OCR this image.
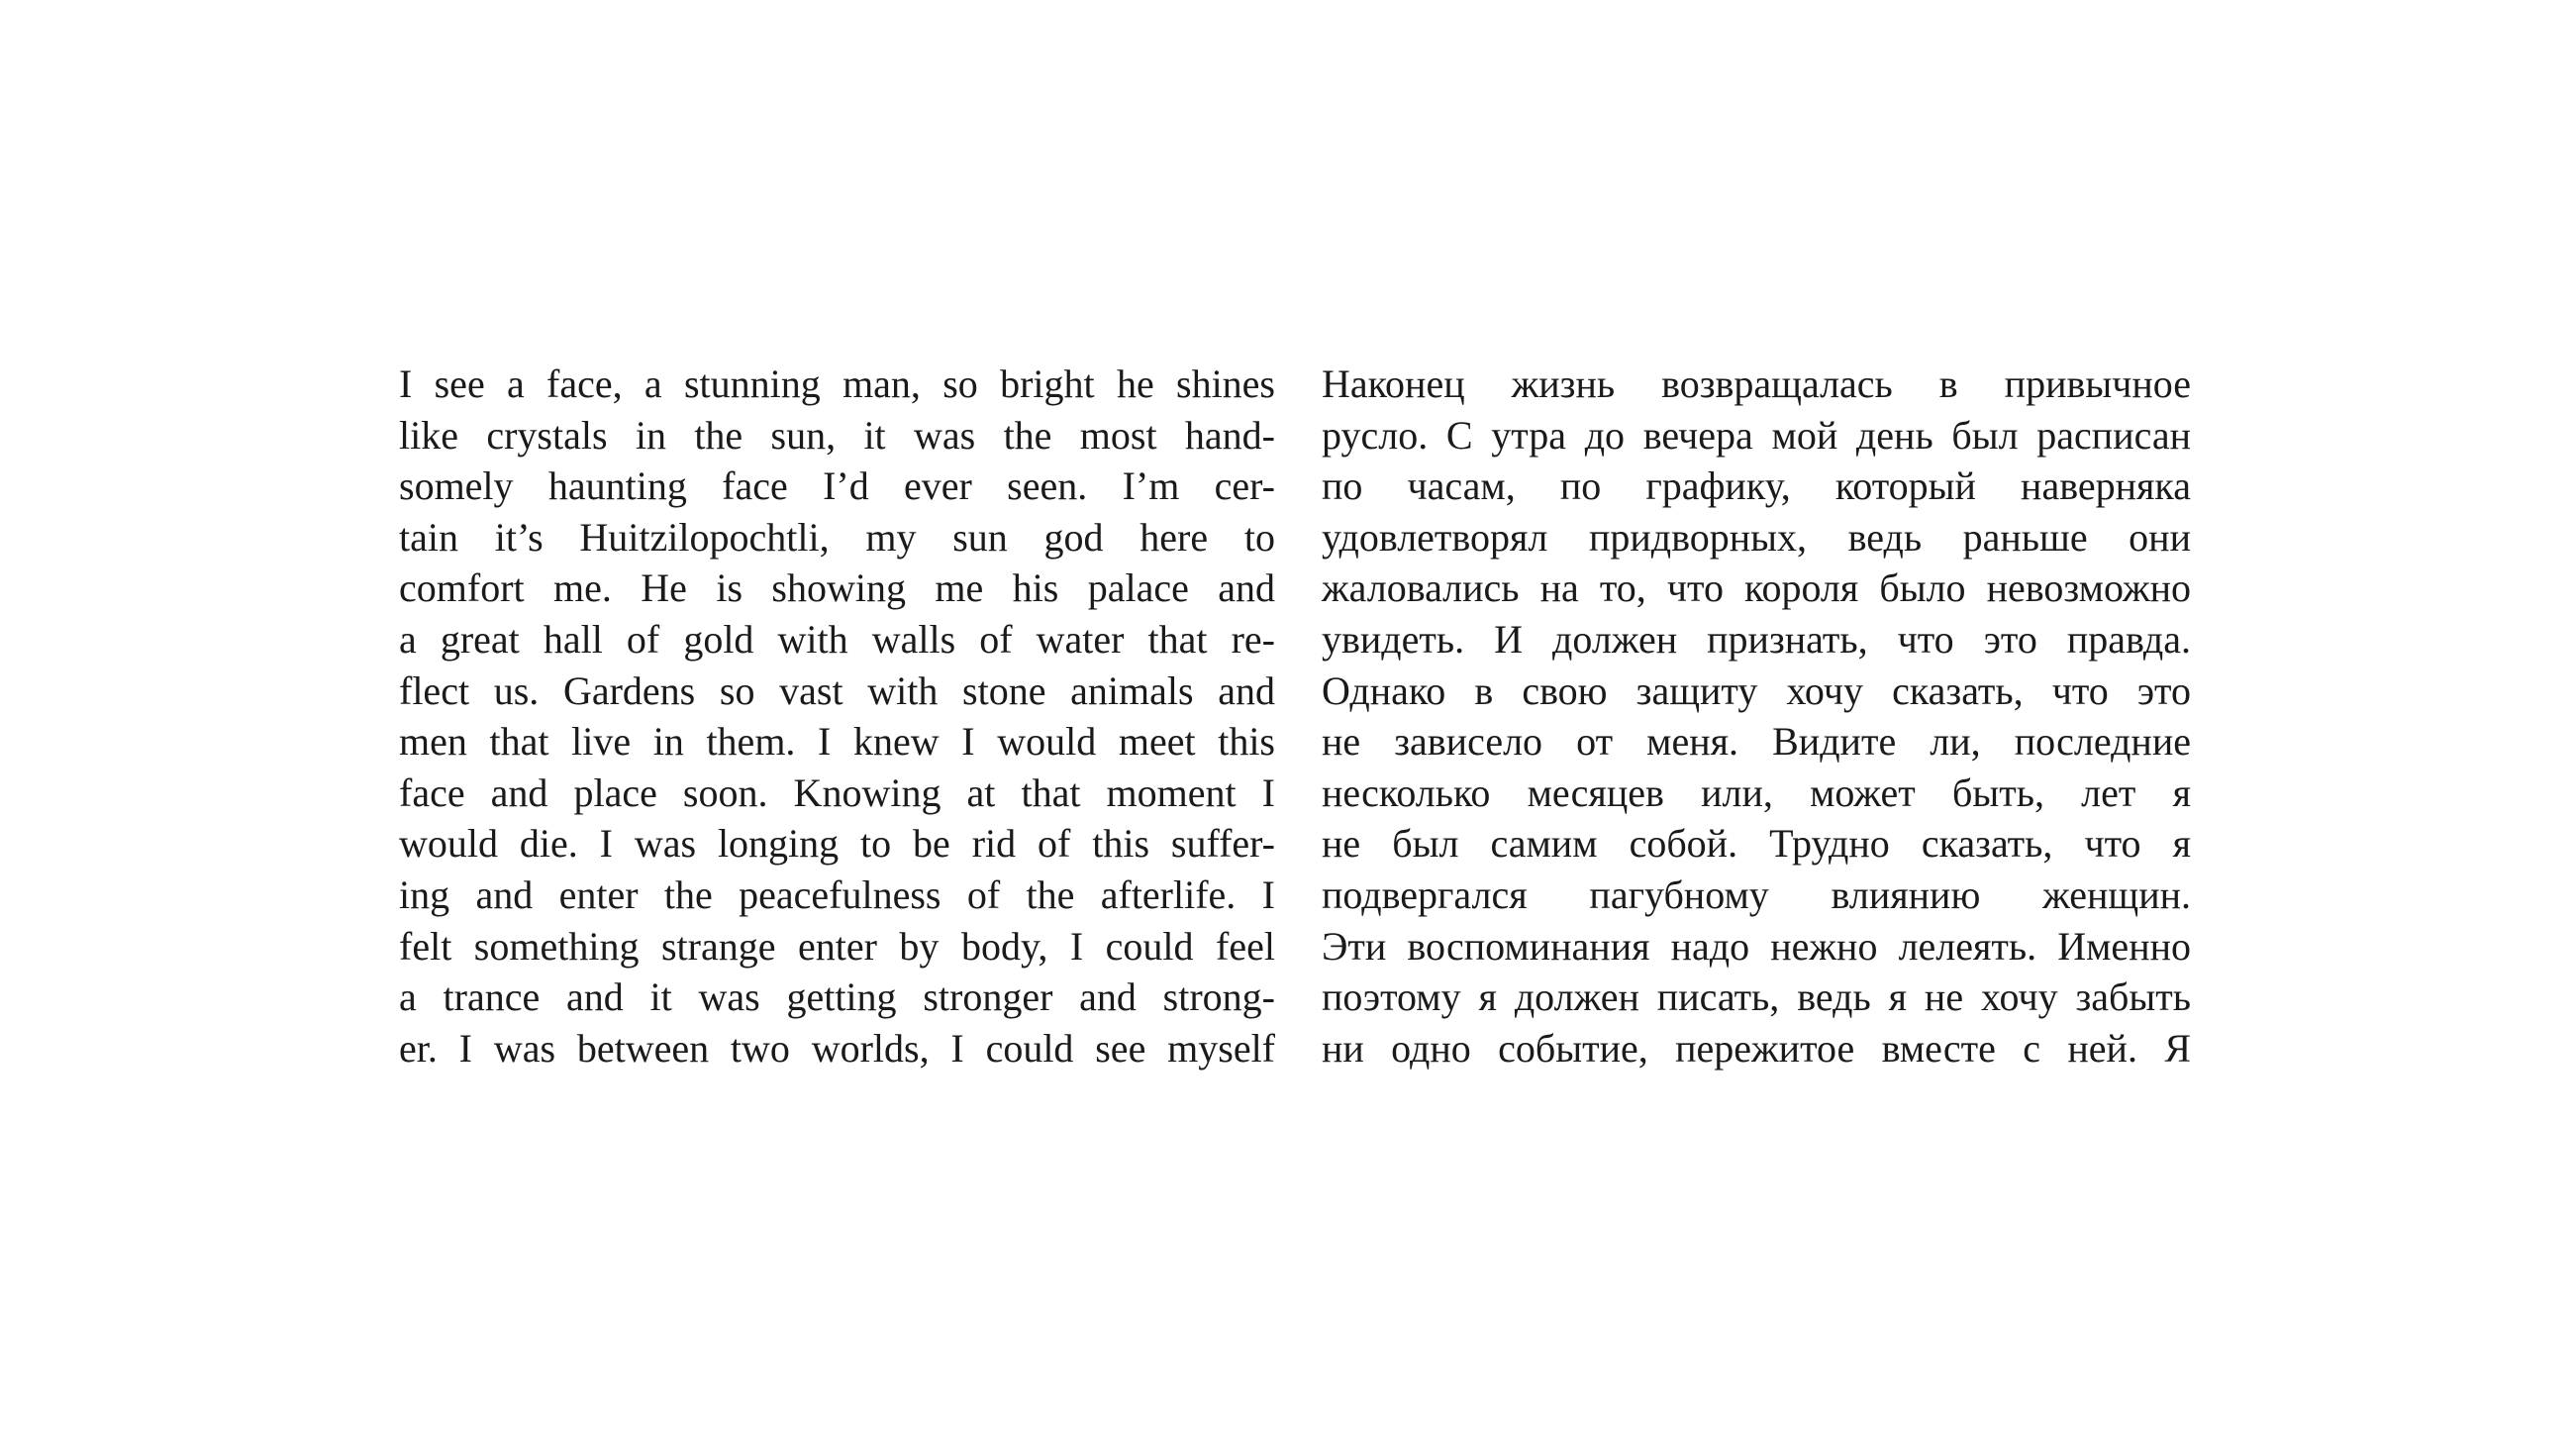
I see a face, a stunning man, so bright he shines
like crystals in the sun, it was the most hand-
somely haunting face I’d ever seen. I’m cer-
tain it’s Huitzilopochtli, my sun god here to
comfort me. He is showing me his palace and
a great hall of gold with walls of water that re-
flect us. Gardens so vast with stone animals and
men that live in them. I knew I would meet this
face and place soon. Knowing at that moment I
would die. I was longing to be rid of this suffer-
ing and enter the peacefulness of the afterlife. I
felt something strange enter by body, I could feel
a trance and it was getting stronger and strong-
er. I was between two worlds, I could see myself
Наконец жизнь возвращалась в привычное
русло. С утра до вечера мой день был расписан
по часам, по графику, который наверняка
удовлетворял придворных, ведь раньше они
жаловались на то, что короля было невозможно
увидеть. И должен признать, что это правда.
Однако в свою защиту хочу сказать, что это
не зависело от меня. Видите ли, последние
несколько месяцев или, может быть, лет я
не был самим собой. Трудно сказать, что я
подвергался пагубному влиянию женщин.
Эти воспоминания надо нежно лелеять. Именно
поэтому я должен писать, ведь я не хочу забыть
ни одно событие, пережитое вместе с ней. Я
